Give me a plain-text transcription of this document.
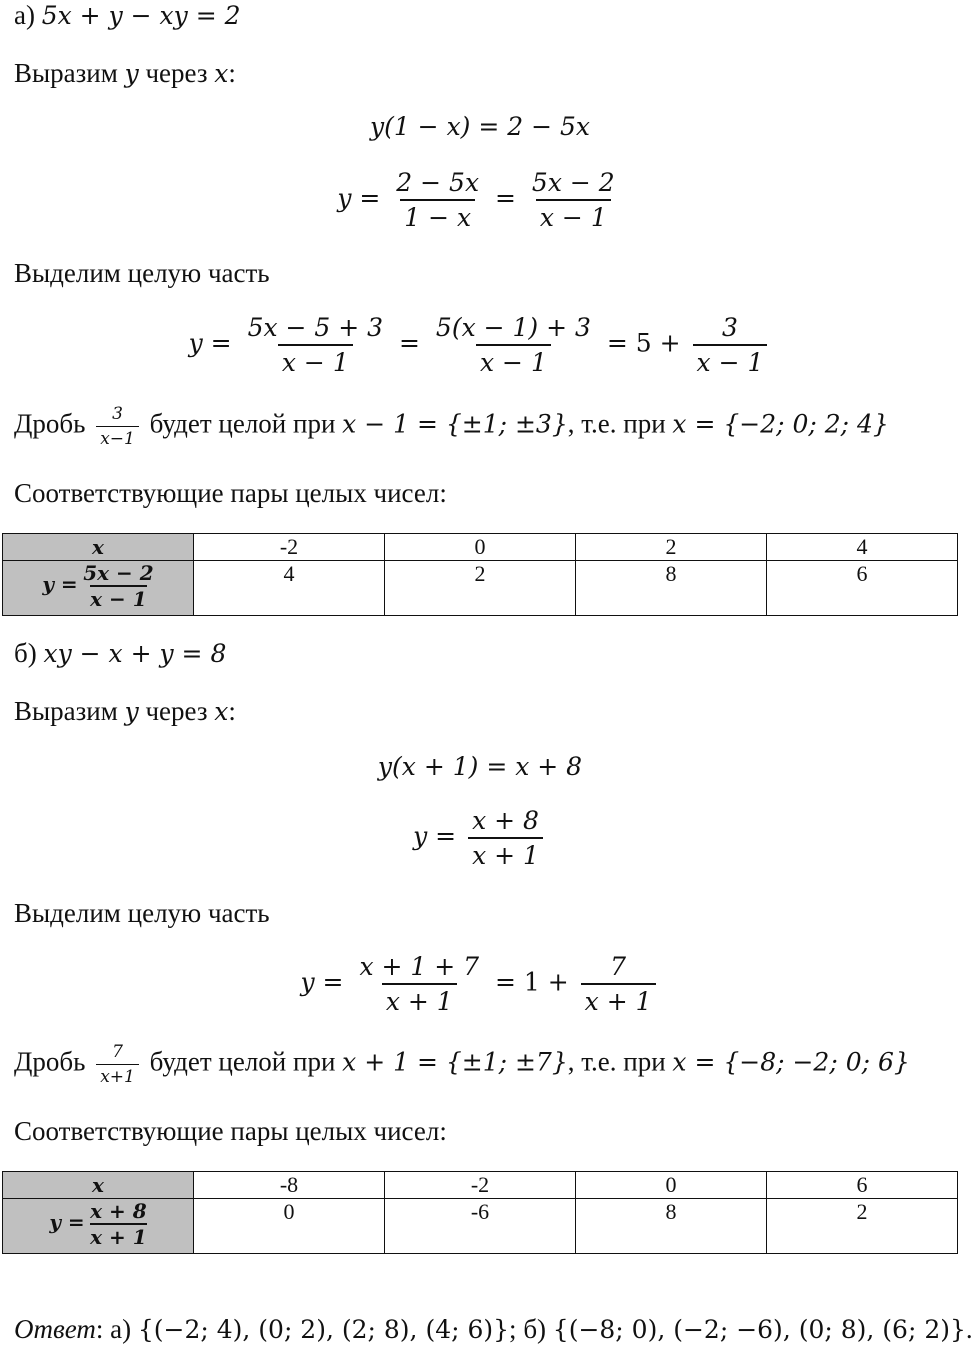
а) 5x + y − xy = 2
Выразим y через x:
y(1 − x) = 2 − 5x
$y = \frac{2 - 5x}{1 - x} = \frac{5x - 2}{x - 1}$
Выделим целую часть
$y = \frac{5x - 5 + 3}{x - 1} = \frac{5(x - 1) + 3}{x - 1} = 5 + \frac{3}{x - 1}$
Дробь $\frac{3}{x-1}$ будет целой при x − 1 = {±1; ±3}, т.е. при x = {−2; 0; 2; 4}
Соответствующие пары целых чисел:
x	-2	0	2	4
$y = \frac{5x - 2}{x - 1}$	4	2	8	6
б) xy − x + y = 8
Выразим y через x:
y(x + 1) = x + 8
$y = \frac{x + 8}{x + 1}$
Выделим целую часть
$y = \frac{x + 1 + 7}{x + 1} = 1 + \frac{7}{x + 1}$
Дробь $\frac{7}{x+1}$ будет целой при x + 1 = {±1; ±7}, т.е. при x = {−8; −2; 0; 6}
Соответствующие пары целых чисел:
x	-8	-2	0	6
$y = \frac{x + 8}{x + 1}$	0	-6	8	2
Ответ: а) {(−2; 4), (0; 2), (2; 8), (4; 6)}; б) {(−8; 0), (−2; −6), (0; 8), (6; 2)}.
